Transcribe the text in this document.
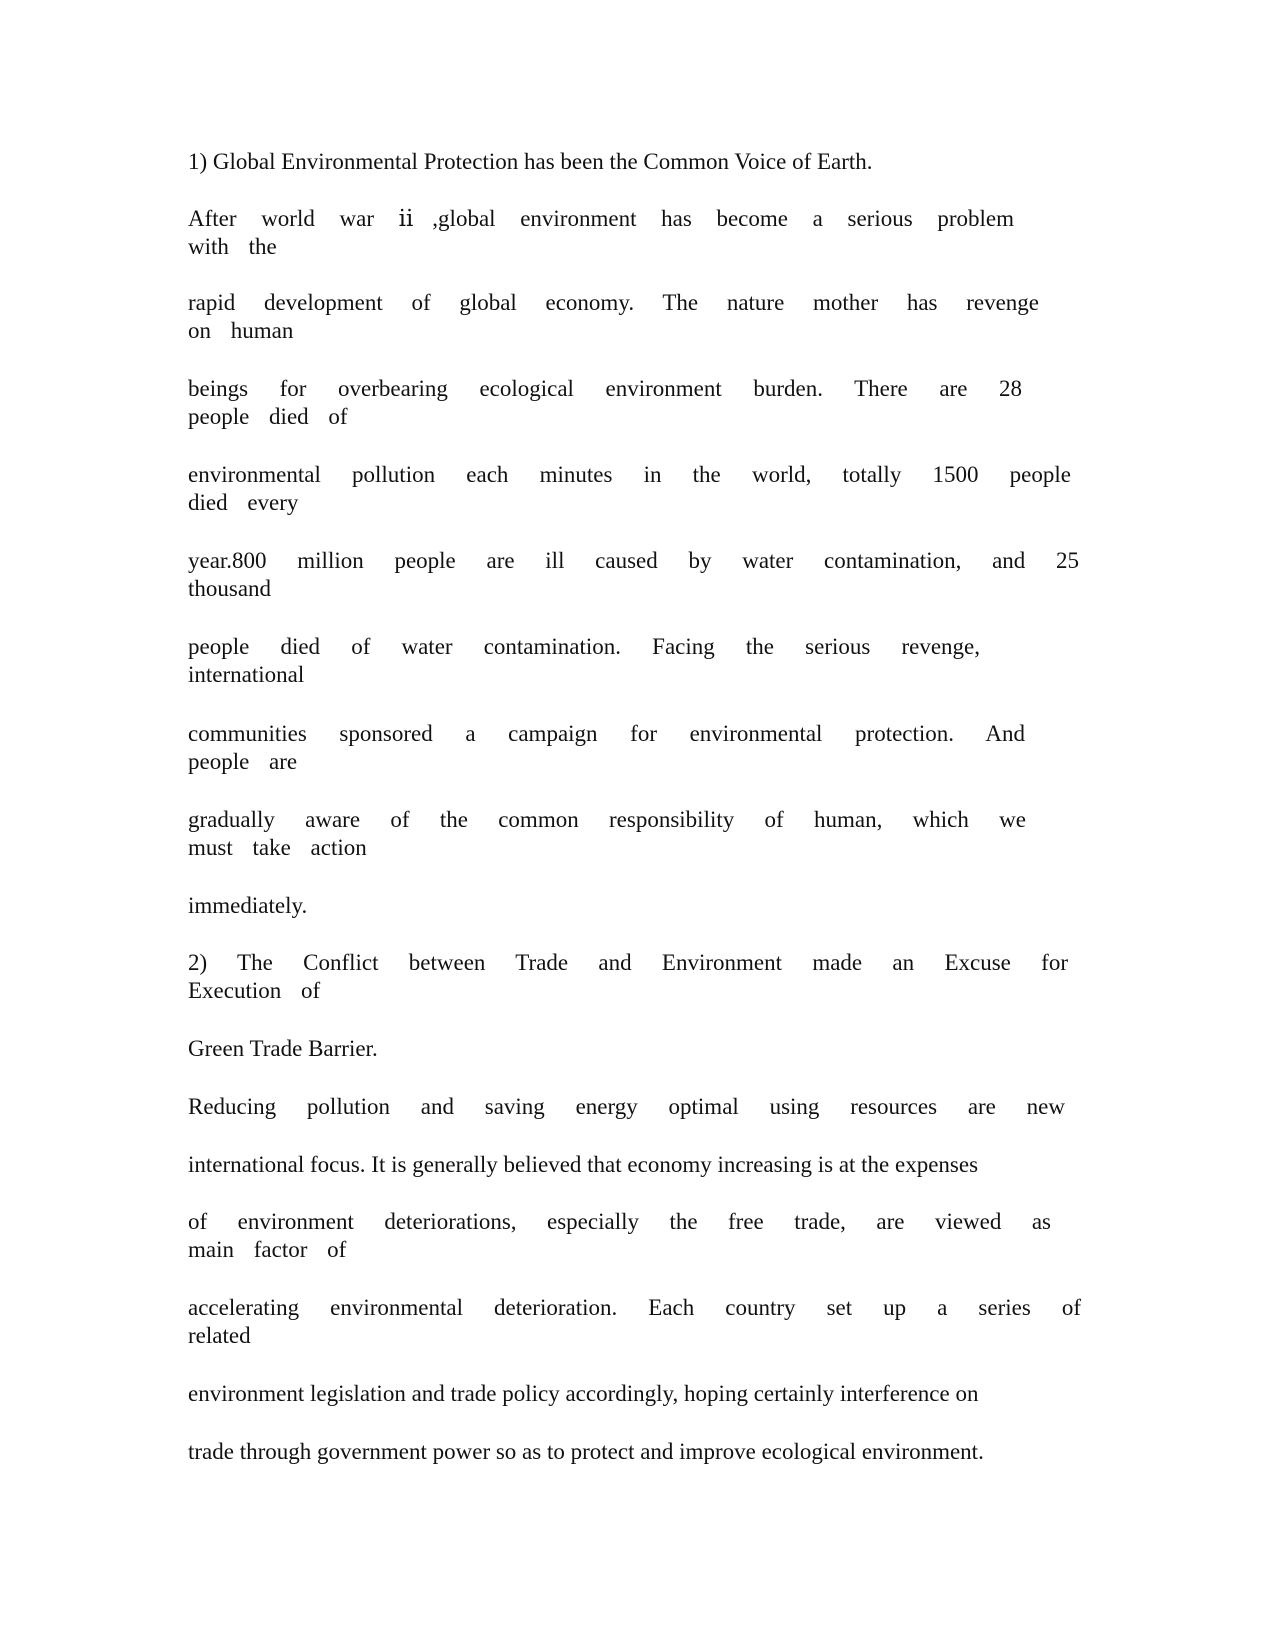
1) Global Environmental Protection has been the Common Voice of Earth.

After world war ⅱ,global environment has become a serious problem

with the

rapid development of global economy. The nature mother has revenge

on human

beings for overbearing ecological environment burden. There are 28

people died of

environmental pollution each minutes in the world, totally 1500 people

died every

year.800 million people are ill caused by water contamination, and 25

thousand

people died of water contamination. Facing the serious revenge,

international

communities sponsored a campaign for environmental protection. And

people are

gradually aware of the common responsibility of human, which we

must take action

immediately.

2) The Conflict between Trade and Environment made an Excuse for

Execution of

Green Trade Barrier.

Reducing pollution and saving energy optimal using resources are new

international focus. It is generally believed that economy increasing is at the expenses

of environment deteriorations, especially the free trade, are viewed as

main factor of

accelerating environmental deterioration. Each country set up a series of

related

environment legislation and trade policy accordingly, hoping certainly interference on

trade through government power so as to protect and improve ecological environment.
